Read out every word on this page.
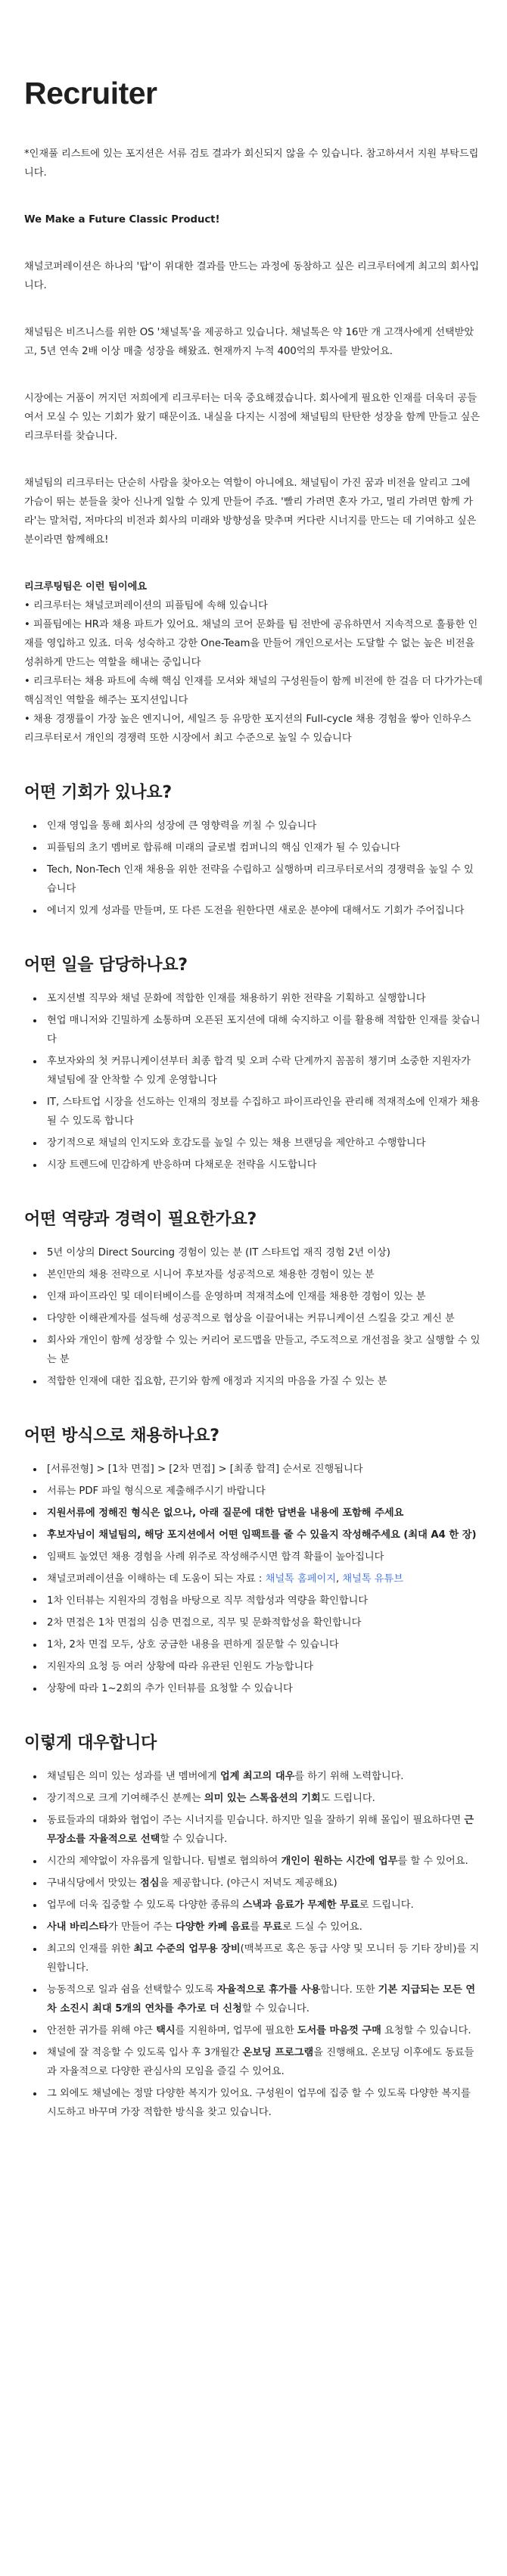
Recruiter

*인재풀 리스트에 있는 포지션은 서류 검토 결과가 회신되지 않을 수 있습니다. 참고하셔서 지원 부탁드립니다.

We Make a Future Classic Product!

채널코퍼레이션은 하나의 '탑'이 위대한 결과를 만드는 과정에 동참하고 싶은 리크루터에게 최고의 회사입니다.

채널팀은 비즈니스를 위한 OS '채널톡'을 제공하고 있습니다. 채널톡은 약 16만 개 고객사에게 선택받았고, 5년 연속 2배 이상 매출 성장을 해왔죠. 현재까지 누적 400억의 투자를 받았어요.

시장에는 거품이 꺼지던 저희에게 리크루터는 더욱 중요해졌습니다. 회사에게 필요한 인재를 더욱더 공들여서 모실 수 있는 기회가 왔기 때문이죠. 내실을 다지는 시점에 채널팀의 탄탄한 성장을 함께 만들고 싶은 리크루터를 찾습니다.

채널팀의 리크루터는 단순히 사람을 찾아오는 역할이 아니에요. 채널팀이 가진 꿈과 비전을 알리고 그에 가슴이 뛰는 분들을 찾아 신나게 일할 수 있게 만들어 주죠. '빨리 가려면 혼자 가고, 멀리 가려면 함께 가라'는 말처럼, 저마다의 비전과 회사의 미래와 방향성을 맞추며 커다란 시너지를 만드는 데 기여하고 싶은 분이라면 함께해요!

리크루팅팀은 이런 팀이에요

• 리크루터는 채널코퍼레이션의 피플팀에 속해 있습니다

• 피플팀에는 HR과 채용 파트가 있어요. 채널의 코어 문화를 팀 전반에 공유하면서 지속적으로 훌륭한 인재를 영입하고 있죠. 더욱 성숙하고 강한 One-Team을 만들어 개인으로서는 도달할 수 없는 높은 비전을 성취하게 만드는 역할을 해내는 중입니다

• 리크루터는 채용 파트에 속해 핵심 인재를 모셔와 채널의 구성원들이 함께 비전에 한 걸음 더 다가가는데 핵심적인 역할을 해주는 포지션입니다

• 채용 경쟁률이 가장 높은 엔지니어, 세일즈 등 유망한 포지션의 Full-cycle 채용 경험을 쌓아 인하우스 리크루터로서 개인의 경쟁력 또한 시장에서 최고 수준으로 높일 수 있습니다

어떤 기회가 있나요?
• 인재 영입을 통해 회사의 성장에 큰 영향력을 끼칠 수 있습니다
• 피플팀의 초기 멤버로 합류해 미래의 글로벌 컴퍼니의 핵심 인재가 될 수 있습니다
• Tech, Non-Tech 인재 채용을 위한 전략을 수립하고 실행하며 리크루터로서의 경쟁력을 높일 수 있습니다
• 에너지 있게 성과를 만들며, 또 다른 도전을 원한다면 새로운 분야에 대해서도 기회가 주어집니다
어떤 일을 담당하나요?
• 포지션별 직무와 채널 문화에 적합한 인재를 채용하기 위한 전략을 기획하고 실행합니다
• 현업 매니저와 긴밀하게 소통하며 오픈된 포지션에 대해 숙지하고 이를 활용해 적합한 인재를 찾습니다
• 후보자와의 첫 커뮤니케이션부터 최종 합격 및 오퍼 수락 단계까지 꼼꼼히 챙기며 소중한 지원자가 채널팀에 잘 안착할 수 있게 운영합니다
• IT, 스타트업 시장을 선도하는 인재의 정보를 수집하고 파이프라인을 관리해 적재적소에 인재가 채용될 수 있도록 합니다
• 장기적으로 채널의 인지도와 호감도를 높일 수 있는 채용 브랜딩을 제안하고 수행합니다
• 시장 트렌드에 민감하게 반응하며 다채로운 전략을 시도합니다
어떤 역량과 경력이 필요한가요?
• 5년 이상의 Direct Sourcing 경험이 있는 분 (IT 스타트업 재직 경험 2년 이상)
• 본인만의 채용 전략으로 시니어 후보자를 성공적으로 채용한 경험이 있는 분
• 인재 파이프라인 및 데이터베이스를 운영하며 적재적소에 인재를 채용한 경험이 있는 분
• 다양한 이해관계자를 설득해 성공적으로 협상을 이끌어내는 커뮤니케이션 스킬을 갖고 계신 분
• 회사와 개인이 함께 성장할 수 있는 커리어 로드맵을 만들고, 주도적으로 개선점을 찾고 실행할 수 있는 분
• 적합한 인재에 대한 집요함, 끈기와 함께 애정과 지지의 마음을 가질 수 있는 분
어떤 방식으로 채용하나요?
• [서류전형] > [1차 면접] > [2차 면접] > [최종 합격] 순서로 진행됩니다
• 서류는 PDF 파일 형식으로 제출해주시기 바랍니다
• 지원서류에 정해진 형식은 없으나, 아래 질문에 대한 답변을 내용에 포함해 주세요
• 후보자님이 채널팀의, 해당 포지션에서 어떤 임팩트를 줄 수 있을지 작성해주세요 (최대 A4 한 장)
• 임팩트 높였던 채용 경험을 사례 위주로 작성해주시면 합격 확률이 높아집니다
• 채널코퍼레이션을 이해하는 데 도움이 되는 자료 : 채널톡 홈페이지, 채널톡 유튜브
• 1차 인터뷰는 지원자의 경험을 바탕으로 직무 적합성과 역량을 확인합니다
• 2차 면접은 1차 면접의 심층 면접으로, 직무 및 문화적합성을 확인합니다
• 1차, 2차 면접 모두, 상호 궁금한 내용을 편하게 질문할 수 있습니다
• 지원자의 요청 등 여러 상황에 따라 유관된 인원도 가능합니다
• 상황에 따라 1~2회의 추가 인터뷰를 요청할 수 있습니다
이렇게 대우합니다
• 채널팀은 의미 있는 성과를 낸 멤버에게 업계 최고의 대우를 하기 위해 노력합니다.
• 장기적으로 크게 기여해주신 분께는 의미 있는 스톡옵션의 기회도 드립니다.
• 동료들과의 대화와 협업이 주는 시너지를 믿습니다. 하지만 일을 잘하기 위해 몰입이 필요하다면 근무장소를 자율적으로 선택할 수 있습니다.
• 시간의 제약없이 자유롭게 일합니다. 팀별로 협의하여 개인이 원하는 시간에 업무를 할 수 있어요.
• 구내식당에서 맛있는 점심을 제공합니다. (야근시 저녁도 제공해요)
• 업무에 더욱 집중할 수 있도록 다양한 종류의 스낵과 음료가 무제한 무료로 드립니다.
• 사내 바리스타가 만들어 주는 다양한 카페 음료를 무료로 드실 수 있어요.
• 최고의 인재를 위한 최고 수준의 업무용 장비(맥북프로 혹은 동급 사양 및 모니터 등 기타 장비)를 지원합니다.
• 능동적으로 일과 쉼을 선택할수 있도록 자율적으로 휴가를 사용합니다. 또한 기본 지급되는 모든 연차 소진시 최대 5개의 연차를 추가로 더 신청할 수 있습니다.
• 안전한 귀가를 위해 야근 택시를 지원하며, 업무에 필요한 도서를 마음껏 구매 요청할 수 있습니다.
• 채널에 잘 적응할 수 있도록 입사 후 3개월간 온보딩 프로그램을 진행해요. 온보딩 이후에도 동료들과 자율적으로 다양한 관심사의 모임을 즐길 수 있어요.
• 그 외에도 채널에는 정말 다양한 복지가 있어요. 구성원이 업무에 집중 할 수 있도록 다양한 복지를 시도하고 바꾸며 가장 적합한 방식을 찾고 있습니다.
